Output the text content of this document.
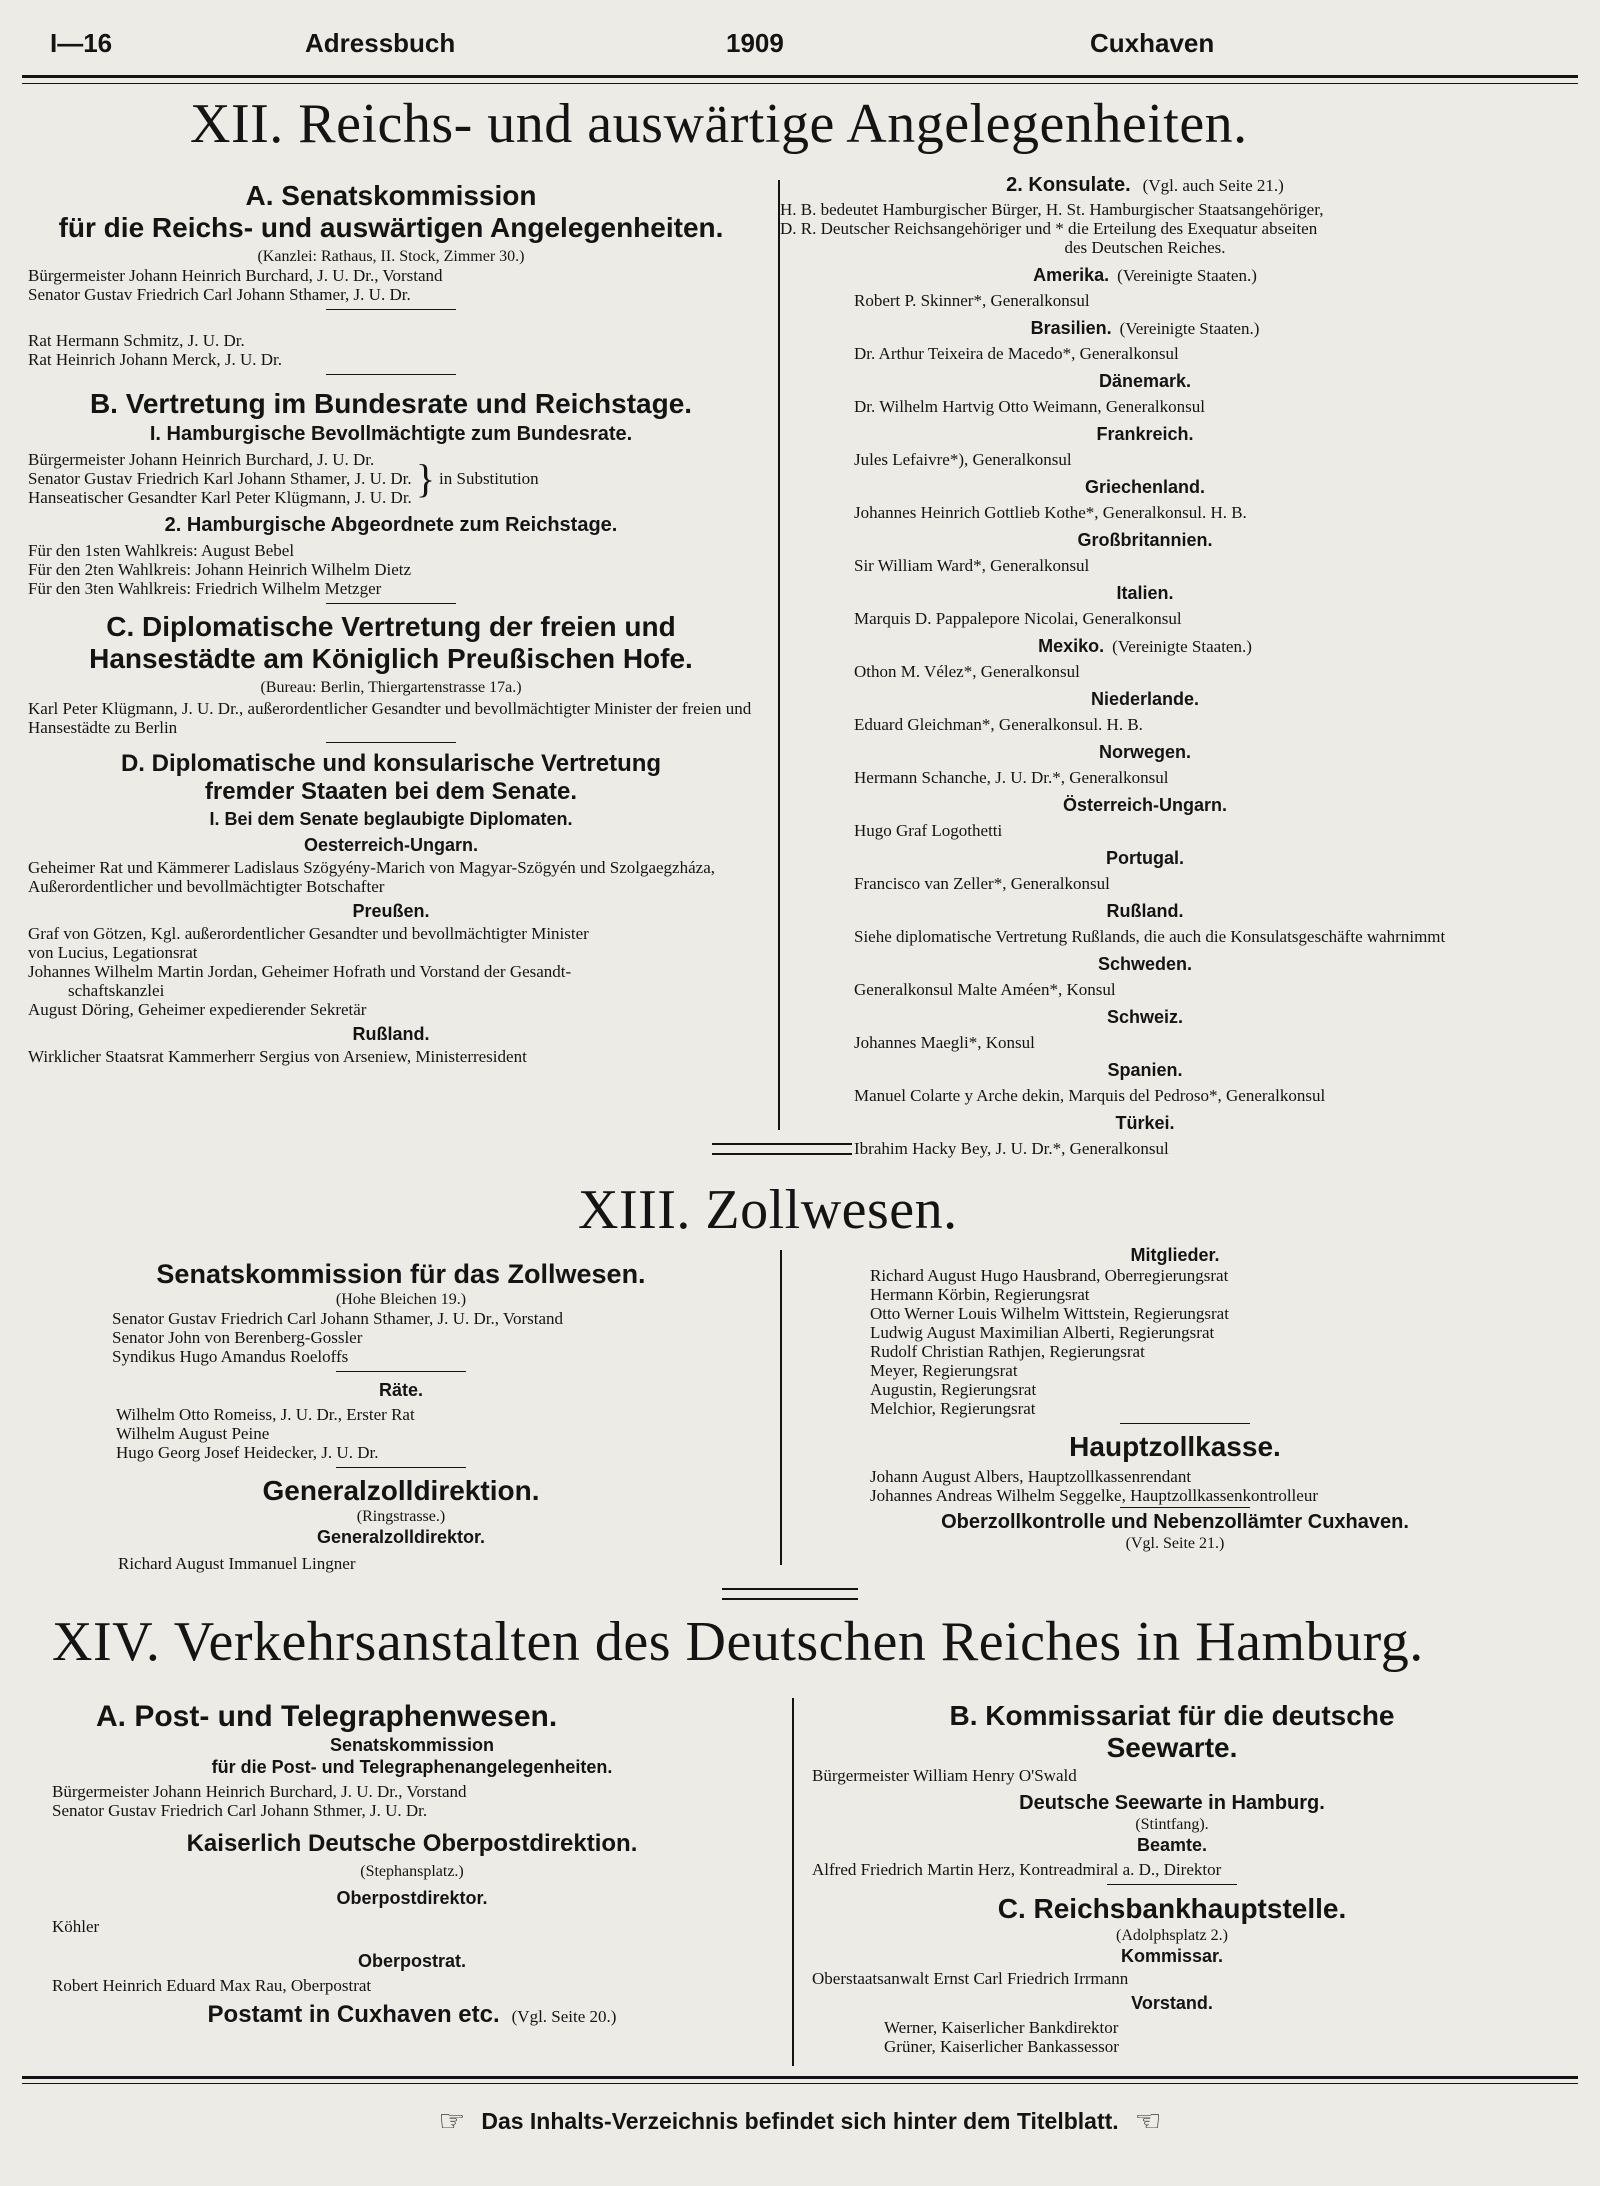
I—16	Adressbuch	1909	Cuxhaven
XII. Reichs- und auswärtige Angelegenheiten.
A. Senatskommission
für die Reichs- und auswärtigen Angelegenheiten.
(Kanzlei: Rathaus, II. Stock, Zimmer 30.)
Bürgermeister Johann Heinrich Burchard, J. U. Dr., Vorstand
Senator Gustav Friedrich Carl Johann Sthamer, J. U. Dr.
Rat Hermann Schmitz, J. U. Dr.
Rat Heinrich Johann Merck, J. U. Dr.
B. Vertretung im Bundesrate und Reichstage.
I. Hamburgische Bevollmächtigte zum Bundesrate.
Bürgermeister Johann Heinrich Burchard, J. U. Dr.
Senator Gustav Friedrich Karl Johann Sthamer, J. U. Dr.
Hanseatischer Gesandter Karl Peter Klügmann, J. U. Dr. } in Substitution
2. Hamburgische Abgeordnete zum Reichstage.
Für den 1sten Wahlkreis: August Bebel
Für den 2ten Wahlkreis: Johann Heinrich Wilhelm Dietz
Für den 3ten Wahlkreis: Friedrich Wilhelm Metzger
C. Diplomatische Vertretung der freien und
Hansestädte am Königlich Preußischen Hofe.
(Bureau: Berlin, Thiergartenstrasse 17a.)
Karl Peter Klügmann, J. U. Dr., außerordentlicher Gesandter und bevollmächtigter Minister der freien und Hansestädte zu Berlin
D. Diplomatische und konsularische Vertretung
fremder Staaten bei dem Senate.
I. Bei dem Senate beglaubigte Diplomaten.
Oesterreich-Ungarn.
Geheimer Rat und Kämmerer Ladislaus Szögyény-Marich von Magyar-Szögyén und Szolgaegzháza, Außerordentlicher und bevollmächtigter Botschafter
Preußen.
Graf von Götzen, Kgl. außerordentlicher Gesandter und bevollmächtigter Minister
von Lucius, Legationsrat
Johannes Wilhelm Martin Jordan, Geheimer Hofrath und Vorstand der Gesandt-
schaftskanzlei
August Döring, Geheimer expedierender Sekretär
Rußland.
Wirklicher Staatsrat Kammerherr Sergius von Arseniew, Ministerresident
2. Konsulate. (Vgl. auch Seite 21.)
H. B. bedeutet Hamburgischer Bürger, H. St. Hamburgischer Staatsangehöriger,
D. R. Deutscher Reichsangehöriger und * die Erteilung des Exequatur abseiten
des Deutschen Reiches.
Amerika. (Vereinigte Staaten.)
Robert P. Skinner*, Generalkonsul
Brasilien. (Vereinigte Staaten.)
Dr. Arthur Teixeira de Macedo*, Generalkonsul
Dänemark.
Dr. Wilhelm Hartvig Otto Weimann, Generalkonsul
Frankreich.
Jules Lefaivre*), Generalkonsul
Griechenland.
Johannes Heinrich Gottlieb Kothe*, Generalkonsul. H. B.
Großbritannien.
Sir William Ward*, Generalkonsul
Italien.
Marquis D. Pappalepore Nicolai, Generalkonsul
Mexiko. (Vereinigte Staaten.)
Othon M. Vélez*, Generalkonsul
Niederlande.
Eduard Gleichman*, Generalkonsul. H. B.
Norwegen.
Hermann Schanche, J. U. Dr.*, Generalkonsul
Österreich-Ungarn.
Hugo Graf Logothetti
Portugal.
Francisco van Zeller*, Generalkonsul
Rußland.
Siehe diplomatische Vertretung Rußlands, die auch die Konsulatsgeschäfte wahrnimmt
Schweden.
Generalkonsul Malte Améen*, Konsul
Schweiz.
Johannes Maegli*, Konsul
Spanien.
Manuel Colarte y Arche dekin, Marquis del Pedroso*, Generalkonsul
Türkei.
Ibrahim Hacky Bey, J. U. Dr.*, Generalkonsul
XIII. Zollwesen.
Senatskommission für das Zollwesen.
(Hohe Bleichen 19.)
Senator Gustav Friedrich Carl Johann Sthamer, J. U. Dr., Vorstand
Senator John von Berenberg-Gossler
Syndikus Hugo Amandus Roeloffs
Räte.
Wilhelm Otto Romeiss, J. U. Dr., Erster Rat
Wilhelm August Peine
Hugo Georg Josef Heidecker, J. U. Dr.
Generalzolldirektion.
(Ringstrasse.)
Generalzolldirektor.
Richard August Immanuel Lingner
Mitglieder.
Richard August Hugo Hausbrand, Oberregierungsrat
Hermann Körbin, Regierungsrat
Otto Werner Louis Wilhelm Wittstein, Regierungsrat
Ludwig August Maximilian Alberti, Regierungsrat
Rudolf Christian Rathjen, Regierungsrat
Meyer, Regierungsrat
Augustin, Regierungsrat
Melchior, Regierungsrat
Hauptzollkasse.
Johann August Albers, Hauptzollkassenrendant
Johannes Andreas Wilhelm Seggelke, Hauptzollkassenkontrolleur
Oberzollkontrolle und Nebenzollämter Cuxhaven.
(Vgl. Seite 21.)
XIV. Verkehrsanstalten des Deutschen Reiches in Hamburg.
A. Post- und Telegraphenwesen.
Senatskommission
für die Post- und Telegraphenangelegenheiten.
Bürgermeister Johann Heinrich Burchard, J. U. Dr., Vorstand
Senator Gustav Friedrich Carl Johann Sthmer, J. U. Dr.
Kaiserlich Deutsche Oberpostdirektion.
(Stephansplatz.)
Oberpostdirektor.
Köhler
Oberpostrat.
Robert Heinrich Eduard Max Rau, Oberpostrat
Postamt in Cuxhaven etc. (Vgl. Seite 20.)
B. Kommissariat für die deutsche
Seewarte.
Bürgermeister William Henry O'Swald
Deutsche Seewarte in Hamburg.
(Stintfang).
Beamte.
Alfred Friedrich Martin Herz, Kontreadmiral a. D., Direktor
C. Reichsbankhauptstelle.
(Adolphsplatz 2.)
Kommissar.
Oberstaatsanwalt Ernst Carl Friedrich Irrmann
Vorstand.
Werner, Kaiserlicher Bankdirektor
Grüner, Kaiserlicher Bankassessor
☞ Das Inhalts-Verzeichnis befindet sich hinter dem Titelblatt. ☜
